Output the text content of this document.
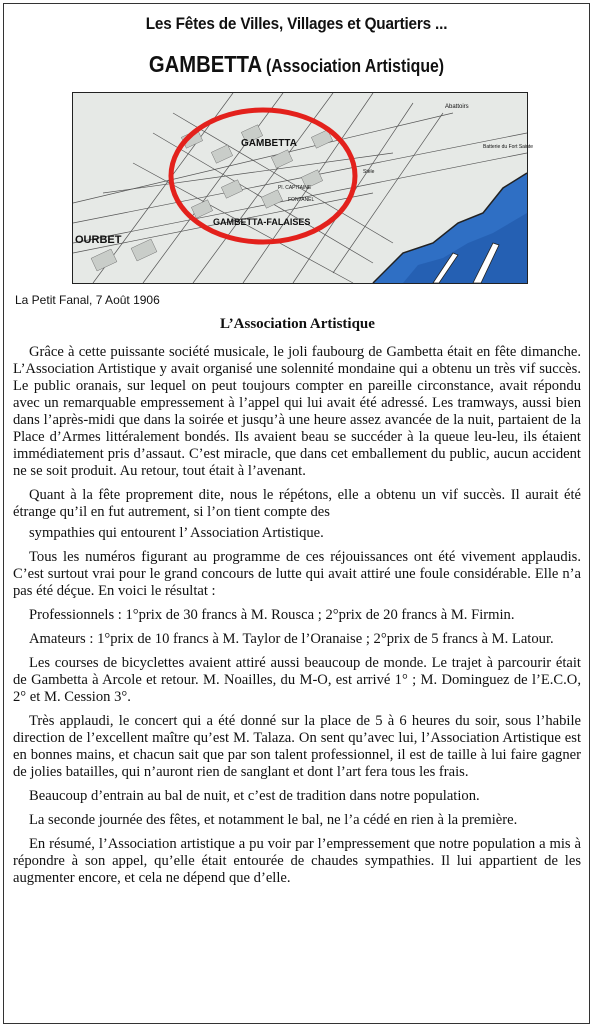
Les Fêtes de Villes, Villages et Quartiers ...
GAMBETTA (Association Artistique)
GAMBETTA
GAMBETTA-FALAISES
OURBET
Abattoirs
Batterie du Fort Sainte
Stèle
Pl. CAPITAINE
FONTANEL
La Petit Fanal, 7 Août 1906
L’Association Artistique

Grâce à cette puissante société musicale, le joli faubourg de Gambetta était en fête dimanche. L’Association Artistique y avait organisé une solennité mondaine qui a obtenu un très vif succès. Le public oranais, sur lequel on peut toujours compter en pareille circonstance, avait répondu avec un remarquable empressement à l’appel qui lui avait été adressé. Les tramways, aussi bien dans l’après-midi que dans la soirée et jusqu’à une heure assez avancée de la nuit, partaient de la Place d’Armes littéralement bondés. Ils avaient beau se succéder à la queue leu-leu, ils étaient immédiatement pris d’assaut. C’est miracle, que dans cet emballement du public, aucun accident ne se soit produit. Au retour, tout était à l’avenant.

Quant à la fête proprement dite, nous le répétons, elle a obtenu un vif succès. Il aurait été étrange qu’il en fut autrement, si l’on tient compte des

sympathies qui entourent l’ Association Artistique.

Tous les numéros figurant au programme de ces réjouissances ont été vivement applaudis. C’est surtout vrai pour le grand concours de lutte qui avait attiré une foule considérable. Elle n’a pas été déçue. En voici le résultat :

Professionnels : 1°prix de 30 francs à M. Rousca ; 2°prix de 20 francs à M. Firmin.

Amateurs : 1°prix de 10 francs à M. Taylor de l’Oranaise ; 2°prix de 5 francs à M. Latour.

Les courses de bicyclettes avaient attiré aussi beaucoup de monde. Le trajet à parcourir était de Gambetta à Arcole et retour. M. Noailles, du M-O, est arrivé 1° ; M. Dominguez de l’E.C.O, 2° et M. Cession 3°.

Très applaudi, le concert qui a été donné sur la place de 5 à 6 heures du soir, sous l’habile direction de l’excellent maître qu’est M. Talaza. On sent qu’avec lui, l’Association Artistique est en bonnes mains, et chacun sait que par son talent professionnel, il est de taille à lui faire gagner de jolies batailles, qui n’auront rien de sanglant et dont l’art fera tous les frais.

Beaucoup d’entrain au bal de nuit, et c’est de tradition dans notre population.

La seconde journée des fêtes, et notamment le bal, ne l’a cédé en rien à la première.

En résumé, l’Association artistique a pu voir par l’empressement que notre population a mis à répondre à son appel, qu’elle était entourée de chaudes sympathies. Il lui appartient de les augmenter encore, et cela ne dépend que d’elle.
